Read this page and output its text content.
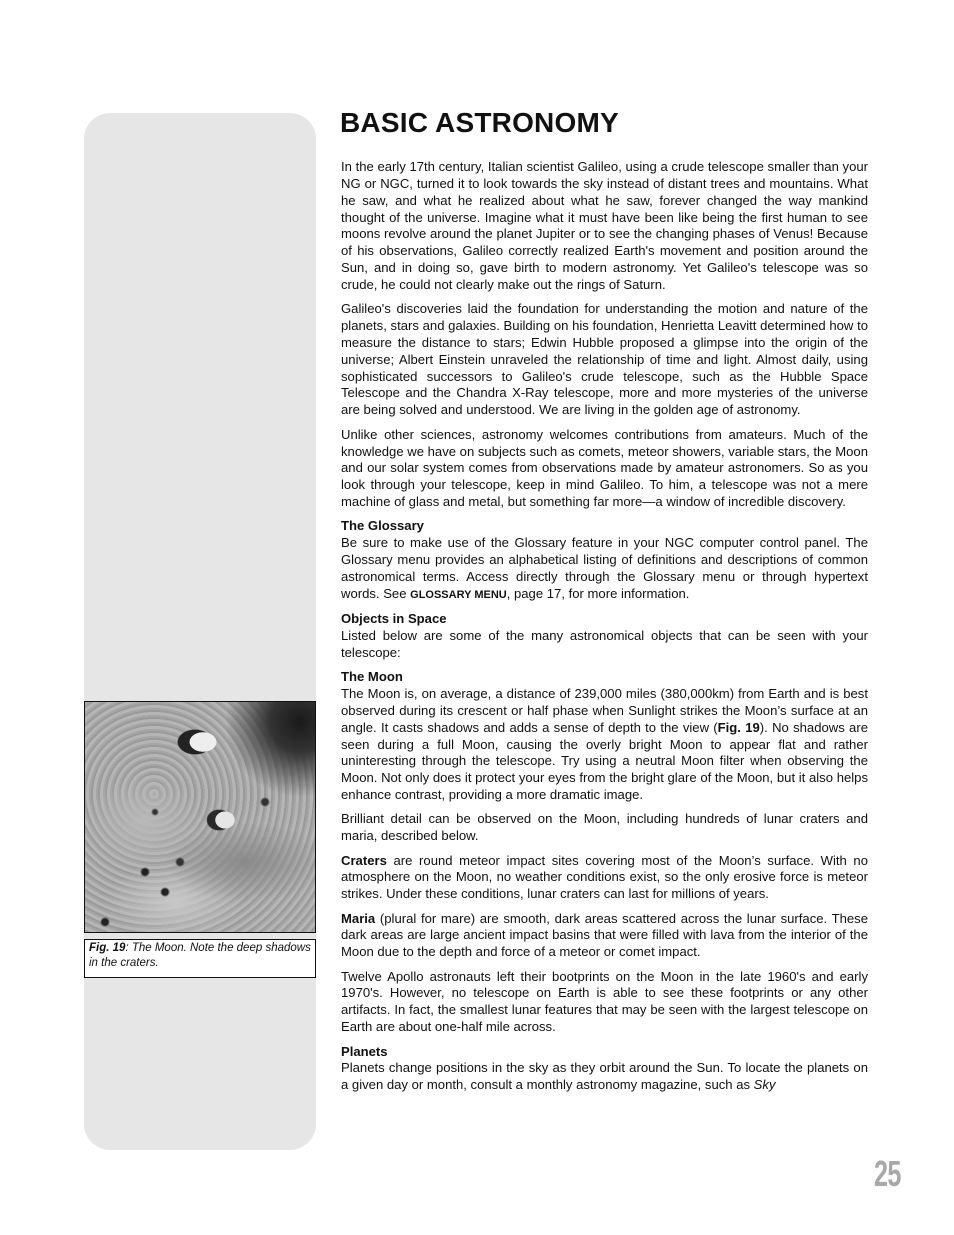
Fig. 19: The Moon. Note the deep shadows in the craters.
BASIC ASTRONOMY

In the early 17th century, Italian scientist Galileo, using a crude telescope smaller than your NG or NGC, turned it to look towards the sky instead of distant trees and mountains. What he saw, and what he realized about what he saw, forever changed the way mankind thought of the universe. Imagine what it must have been like being the first human to see moons revolve around the planet Jupiter or to see the changing phases of Venus! Because of his observations, Galileo correctly realized Earth's movement and position around the Sun, and in doing so, gave birth to modern astronomy. Yet Galileo's telescope was so crude, he could not clearly make out the rings of Saturn.

Galileo's discoveries laid the foundation for understanding the motion and nature of the planets, stars and galaxies. Building on his foundation, Henrietta Leavitt determined how to measure the distance to stars; Edwin Hubble proposed a glimpse into the origin of the universe; Albert Einstein unraveled the relationship of time and light. Almost daily, using sophisticated successors to Galileo's crude telescope, such as the Hubble Space Telescope and the Chandra X-Ray telescope, more and more mysteries of the universe are being solved and understood. We are living in the golden age of astronomy.

Unlike other sciences, astronomy welcomes contributions from amateurs. Much of the knowledge we have on subjects such as comets, meteor showers, variable stars, the Moon and our solar system comes from observations made by amateur astronomers. So as you look through your telescope, keep in mind Galileo. To him, a telescope was not a mere machine of glass and metal, but something far more—a window of incredible discovery.

The Glossary

Be sure to make use of the Glossary feature in your NGC computer control panel. The Glossary menu provides an alphabetical listing of definitions and descriptions of common astronomical terms. Access directly through the Glossary menu or through hypertext words. See GLOSSARY MENU, page 17, for more information.

Objects in Space

Listed below are some of the many astronomical objects that can be seen with your telescope:

The Moon

The Moon is, on average, a distance of 239,000 miles (380,000km) from Earth and is best observed during its crescent or half phase when Sunlight strikes the Moon’s surface at an angle. It casts shadows and adds a sense of depth to the view (Fig. 19). No shadows are seen during a full Moon, causing the overly bright Moon to appear flat and rather uninteresting through the telescope. Try using a neutral Moon filter when observing the Moon. Not only does it protect your eyes from the bright glare of the Moon, but it also helps enhance contrast, providing a more dramatic image.

Brilliant detail can be observed on the Moon, including hundreds of lunar craters and maria, described below.

Craters are round meteor impact sites covering most of the Moon’s surface. With no atmosphere on the Moon, no weather conditions exist, so the only erosive force is meteor strikes. Under these conditions, lunar craters can last for millions of years.

Maria (plural for mare) are smooth, dark areas scattered across the lunar surface. These dark areas are large ancient impact basins that were filled with lava from the interior of the Moon due to the depth and force of a meteor or comet impact.

Twelve Apollo astronauts left their bootprints on the Moon in the late 1960's and early 1970's. However, no telescope on Earth is able to see these footprints or any other artifacts. In fact, the smallest lunar features that may be seen with the largest telescope on Earth are about one-half mile across.

Planets

Planets change positions in the sky as they orbit around the Sun. To locate the planets on a given day or month, consult a monthly astronomy magazine, such as Sky

25
